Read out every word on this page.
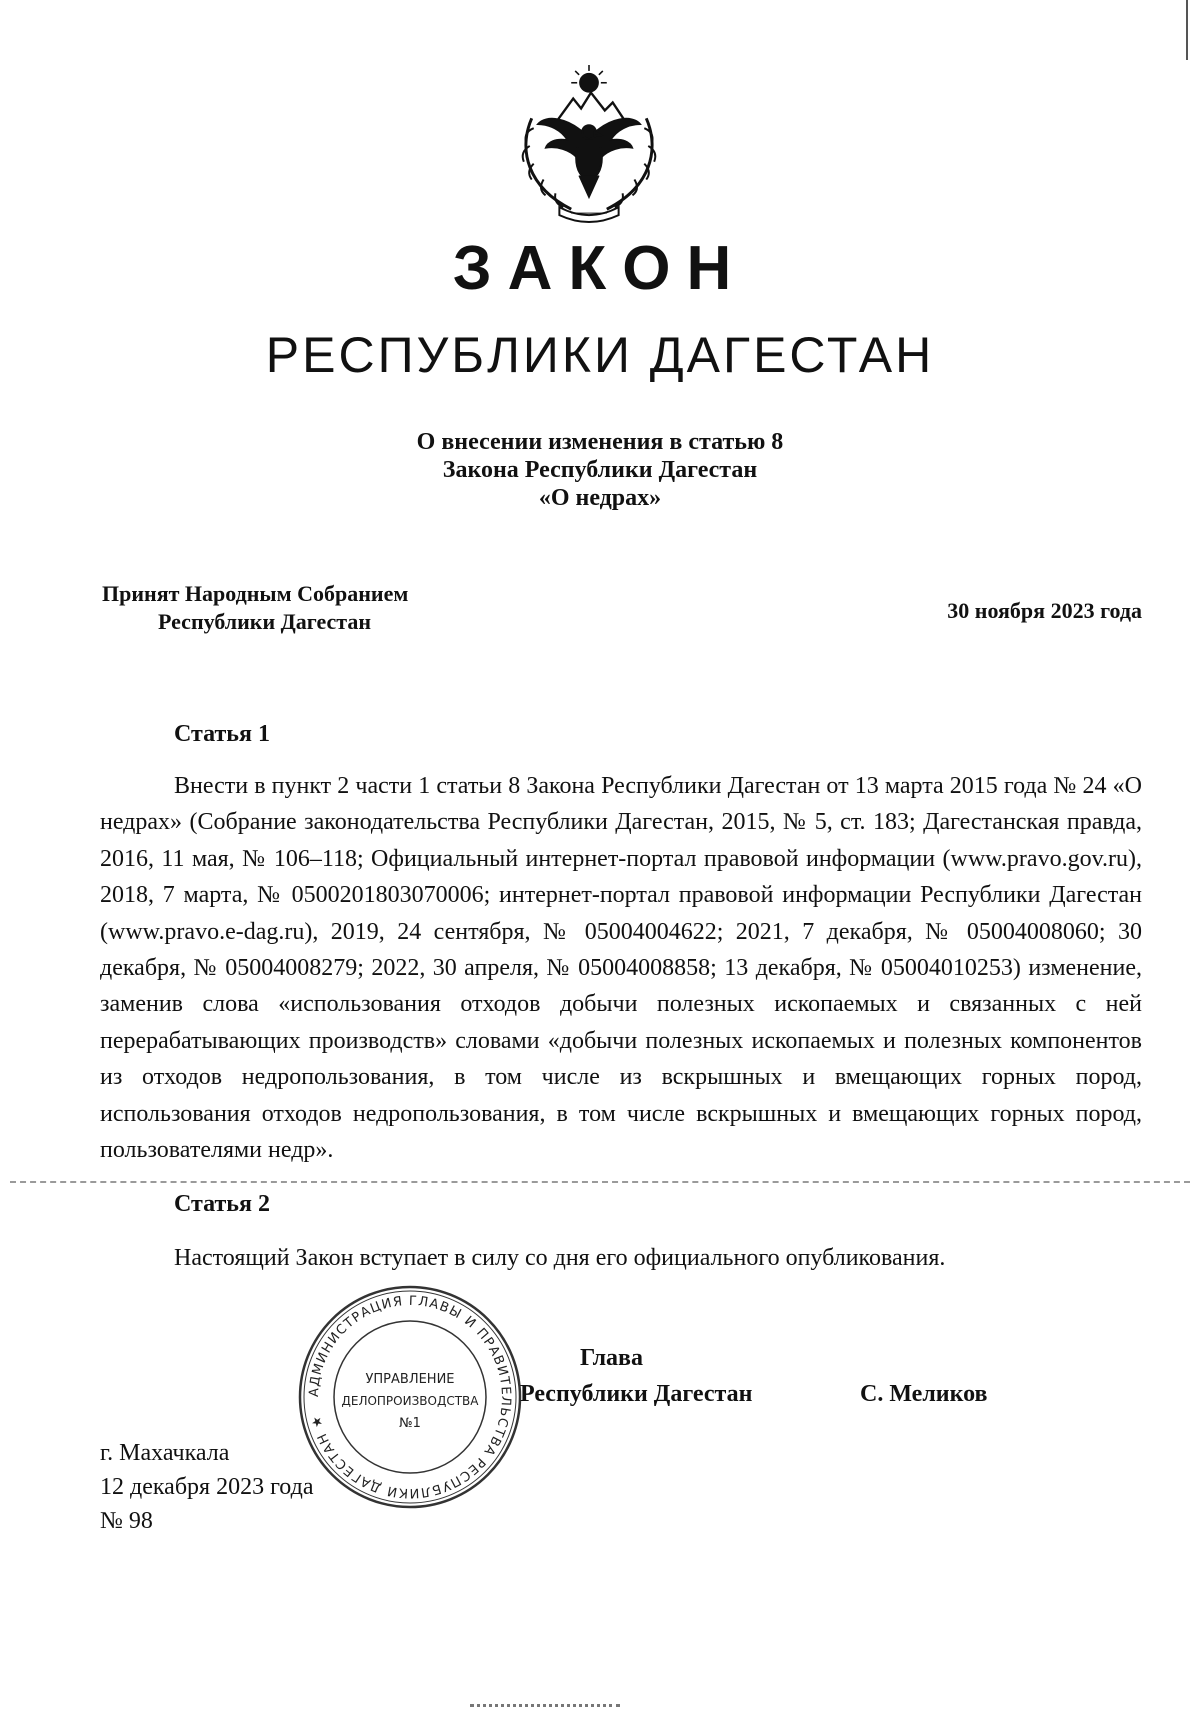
ЗАКОН
РЕСПУБЛИКИ ДАГЕСТАН
О внесении изменения в статью 8
Закона Республики Дагестан
«О недрах»
Принят Народным Собранием
Республики Дагестан	30 ноября 2023 года
Статья 1
Внести в пункт 2 части 1 статьи 8 Закона Республики Дагестан от 13 марта 2015 года № 24 «О недрах» (Собрание законодательства Республики Дагестан, 2015, № 5, ст. 183; Дагестанская правда, 2016, 11 мая, № 106–118; Официальный интернет-портал правовой информации (www.pravo.gov.ru), 2018, 7 марта, № 0500201803070006; интернет-портал правовой информации Республики Дагестан (www.pravo.e-dag.ru), 2019, 24 сентября, № 05004004622; 2021, 7 декабря, № 05004008060; 30 декабря, № 05004008279; 2022, 30 апреля, № 05004008858; 13 декабря, № 05004010253) изменение, заменив слова «использования отходов добычи полезных ископаемых и связанных с ней перерабатывающих производств» словами «добычи полезных ископаемых и полезных компонентов из отходов недропользования, в том числе из вскрышных и вмещающих горных пород, использования отходов недропользования, в том числе вскрышных и вмещающих горных пород, пользователями недр».
Статья 2
Настоящий Закон вступает в силу со дня его официального опубликования.
АДМИНИСТРАЦИЯ ГЛАВЫ И ПРАВИТЕЛЬСТВА РЕСПУБЛИКИ ДАГЕСТАН ★
УПРАВЛЕНИЕ
ДЕЛОПРОИЗВОДСТВА
№1
Глава
Республики Дагестан	С. Меликов
г. Махачкала
12 декабря 2023 года
№ 98
